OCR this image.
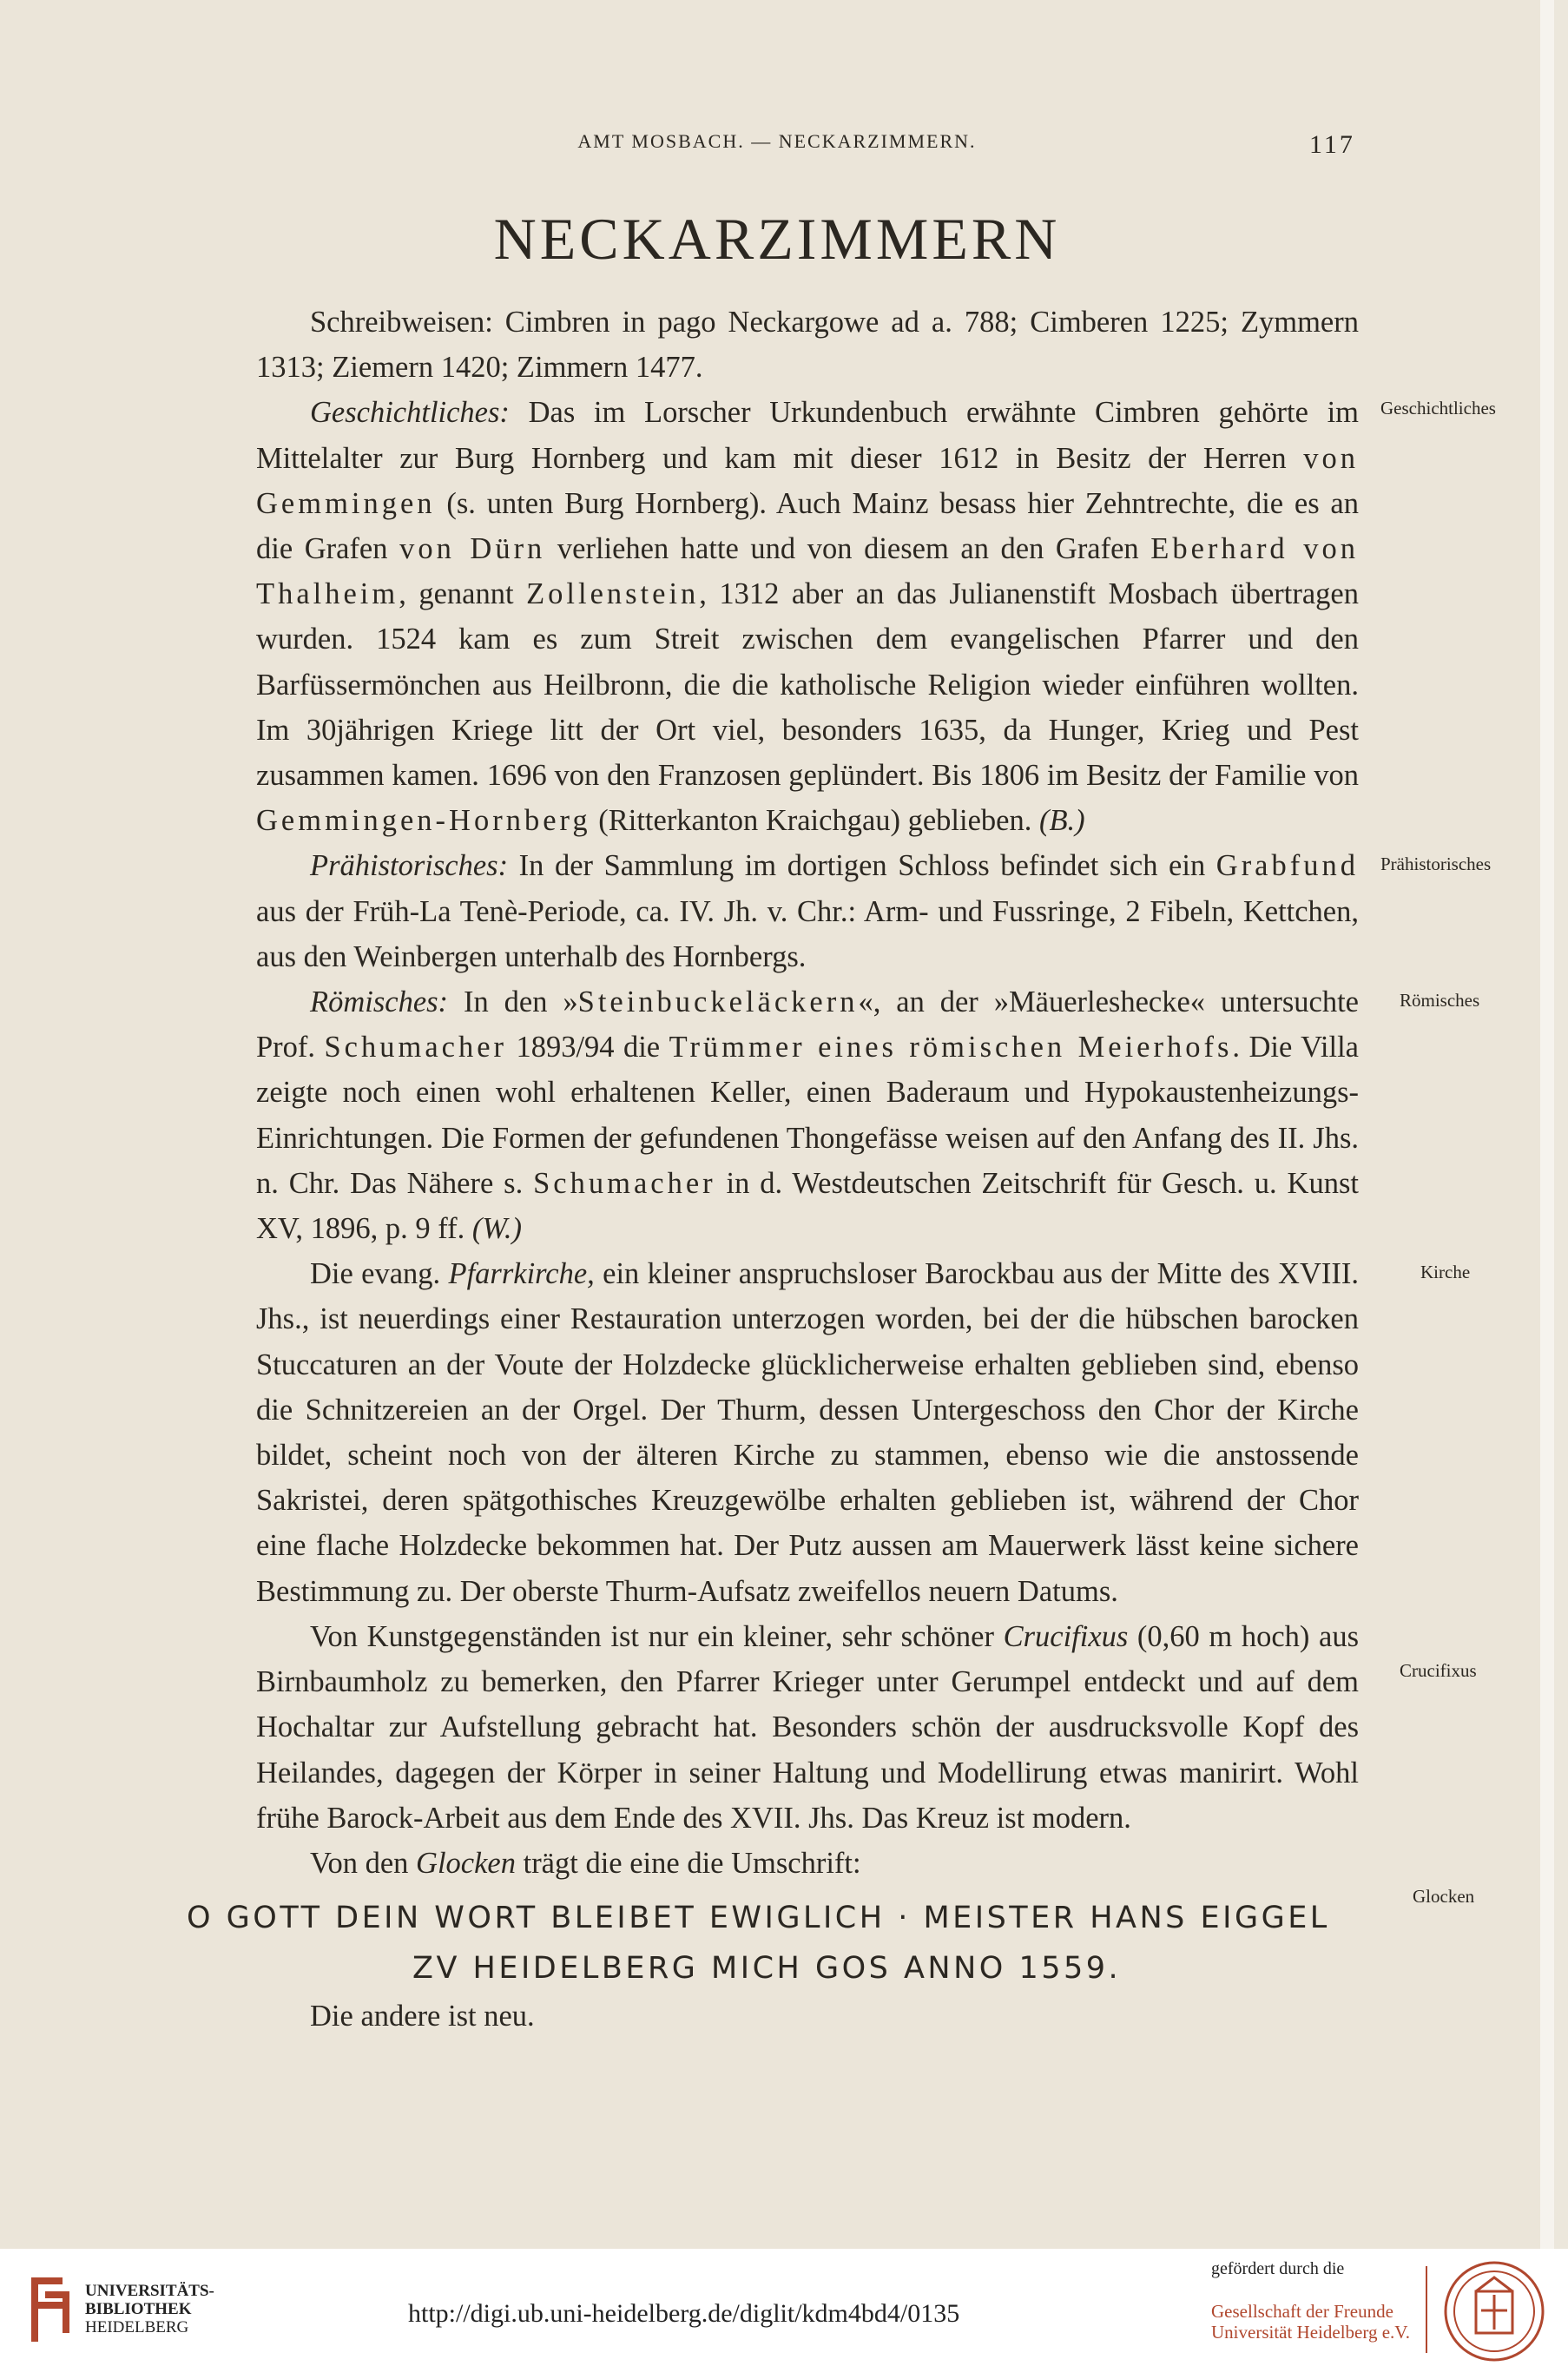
AMT MOSBACH. — NECKARZIMMERN.	117
NECKARZIMMERN

Schreibweisen: Cimbren in pago Neckargowe ad a. 788; Cimberen 1225; Zymmern 1313; Ziemern 1420; Zimmern 1477.

Geschichtliches: Das im Lorscher Urkundenbuch erwähnte Cimbren gehörte im Mittelalter zur Burg Hornberg und kam mit dieser 1612 in Besitz der Herren von Gemmingen (s. unten Burg Hornberg). Auch Mainz besass hier Zehntrechte, die es an die Grafen von Dürn verliehen hatte und von diesem an den Grafen Eberhard von Thalheim, genannt Zollenstein, 1312 aber an das Julianenstift Mosbach übertragen wurden. 1524 kam es zum Streit zwischen dem evangelischen Pfarrer und den Barfüssermönchen aus Heilbronn, die die katholische Religion wieder einführen wollten. Im 30jährigen Kriege litt der Ort viel, besonders 1635, da Hunger, Krieg und Pest zusammen kamen. 1696 von den Franzosen geplündert. Bis 1806 im Besitz der Familie von Gemmingen-Hornberg (Ritterkanton Kraichgau) geblieben. (B.)

Prähistorisches: In der Sammlung im dortigen Schloss befindet sich ein Grabfund aus der Früh-La Tenè-Periode, ca. IV. Jh. v. Chr.: Arm- und Fussringe, 2 Fibeln, Kettchen, aus den Weinbergen unterhalb des Hornbergs.

Römisches: In den »Steinbuckeläckern«, an der »Mäuerleshecke« untersuchte Prof. Schumacher 1893/94 die Trümmer eines römischen Meierhofs. Die Villa zeigte noch einen wohl erhaltenen Keller, einen Baderaum und Hypokaustenheizungs-Einrichtungen. Die Formen der gefundenen Thongefässe weisen auf den Anfang des II. Jhs. n. Chr. Das Nähere s. Schumacher in d. Westdeutschen Zeitschrift für Gesch. u. Kunst XV, 1896, p. 9 ff. (W.)

Die evang. Pfarrkirche, ein kleiner anspruchsloser Barockbau aus der Mitte des XVIII. Jhs., ist neuerdings einer Restauration unterzogen worden, bei der die hübschen barocken Stuccaturen an der Voute der Holzdecke glücklicherweise erhalten geblieben sind, ebenso die Schnitzereien an der Orgel. Der Thurm, dessen Untergeschoss den Chor der Kirche bildet, scheint noch von der älteren Kirche zu stammen, ebenso wie die anstossende Sakristei, deren spätgothisches Kreuzgewölbe erhalten geblieben ist, während der Chor eine flache Holzdecke bekommen hat. Der Putz aussen am Mauerwerk lässt keine sichere Bestimmung zu. Der oberste Thurm-Aufsatz zweifellos neuern Datums.

Von Kunstgegenständen ist nur ein kleiner, sehr schöner Crucifixus (0,60 m hoch) aus Birnbaumholz zu bemerken, den Pfarrer Krieger unter Gerumpel entdeckt und auf dem Hochaltar zur Aufstellung gebracht hat. Besonders schön der ausdrucksvolle Kopf des Heilandes, dagegen der Körper in seiner Haltung und Modellirung etwas manirirt. Wohl frühe Barock-Arbeit aus dem Ende des XVII. Jhs. Das Kreuz ist modern.

Von den Glocken trägt die eine die Umschrift:

O GOTT DEIN WORT BLEIBET EWIGLICH · MEISTER HANS EIGGEL
ZV HEIDELBERG MICH GOS ANNO 1559.

Die andere ist neu.

Geschichtliches
Prähistorisches
Römisches
Kirche
Crucifixus
Glocken
UNIVERSITÄTS-
BIBLIOTHEK
HEIDELBERG	http://digi.ub.uni-heidelberg.de/diglit/kdm4bd4/0135
gefördert durch die
Gesellschaft der Freunde
Universität Heidelberg e.V.
